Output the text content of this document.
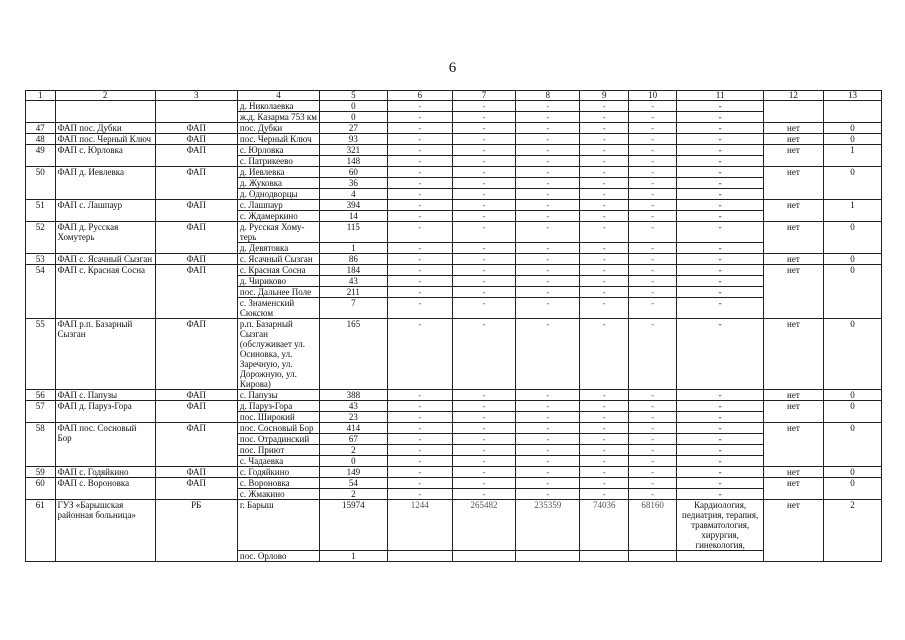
6
1	2	3	4	5	6	7	8	9	10	11	12	13
			д. Николаевка	0	-	-	-	-	-	-		
			ж.д. Казарма 753 км	0	-	-	-	-	-	-		
47	ФАП пос. Дубки	ФАП	пос. Дубки	27	-	-	-	-	-	-	нет	0
48	ФАП пос. Черный Ключ	ФАП	пос. Черный Ключ	93	-	-	-	-	-	-	нет	0
49	ФАП с. Юрловка	ФАП	с. Юрловка	321	-	-	-	-	-	-	нет	1
			с. Патрикеево	148	-	-	-	-	-	-		
50	ФАП д. Иевлевка	ФАП	д. Иевлевка	60	-	-	-	-	-	-	нет	0
			д. Жуковка	36	-	-	-	-	-	-		
			д. Однодворцы	4	-	-	-	-	-	-		
51	ФАП с. Лашпаур	ФАП	с. Лашпаур	394	-	-	-	-	-	-	нет	1
			с. Ждамеркино	14	-	-	-	-	-	-		
52	ФАП д. Русская Хомутерь	ФАП	д. Русская Хому-терь	115	-	-	-	-	-	-	нет	0
			д. Девятовка	1	-	-	-	-	-	-		
53	ФАП с. Ясачный Сызган	ФАП	с. Ясачный Сызган	86	-	-	-	-	-	-	нет	0
54	ФАП с. Красная Сосна	ФАП	с. Красная Сосна	184	-	-	-	-	-	-	нет	0
			д. Чириково	43	-	-	-	-	-	-		
			пос. Дальнее Поле	211	-	-	-	-	-	-		
			с. Знаменский Сюксюм	7	-	-	-	-	-	-		
55	ФАП р.п. Базарный Сызган	ФАП	р.п. Базарный Сызган (обслуживает ул. Осиновка, ул. Заречную, ул. Дорожную, ул. Кирова)	165	-	-	-	-	-	-	нет	0
56	ФАП с. Папузы	ФАП	с. Папузы	388	-	-	-	-	-	-	нет	0
57	ФАП д. Паруз-Гора	ФАП	д. Паруз-Гора	43	-	-	-	-	-	-	нет	0
			пос. Широкий	23	-	-	-	-	-	-		
58	ФАП пос. Сосновый Бор	ФАП	пос. Сосновый Бор	414	-	-	-	-	-	-	нет	0
			пос. Отрадинский	67	-	-	-	-	-	-		
			пос. Приют	2	-	-	-	-	-	-		
			с. Чадаевка	0	-	-	-	-	-	-		
59	ФАП с. Годяйкино	ФАП	с. Годяйкино	149	-	-	-	-	-	-	нет	0
60	ФАП с. Вороновка	ФАП	с. Вороновка	54	-	-	-	-	-	-	нет	0
			с. Жмакино	2	-	-	-	-	-	-		
61	ГУЗ «Барышская районная больница»	РБ	г. Барыш	15974	1244	265482	235359	74036	68160	Кардиология, педиатрия, терапия, травматология, хирургия, гинекология,	нет	2
			пос. Орлово	1								
